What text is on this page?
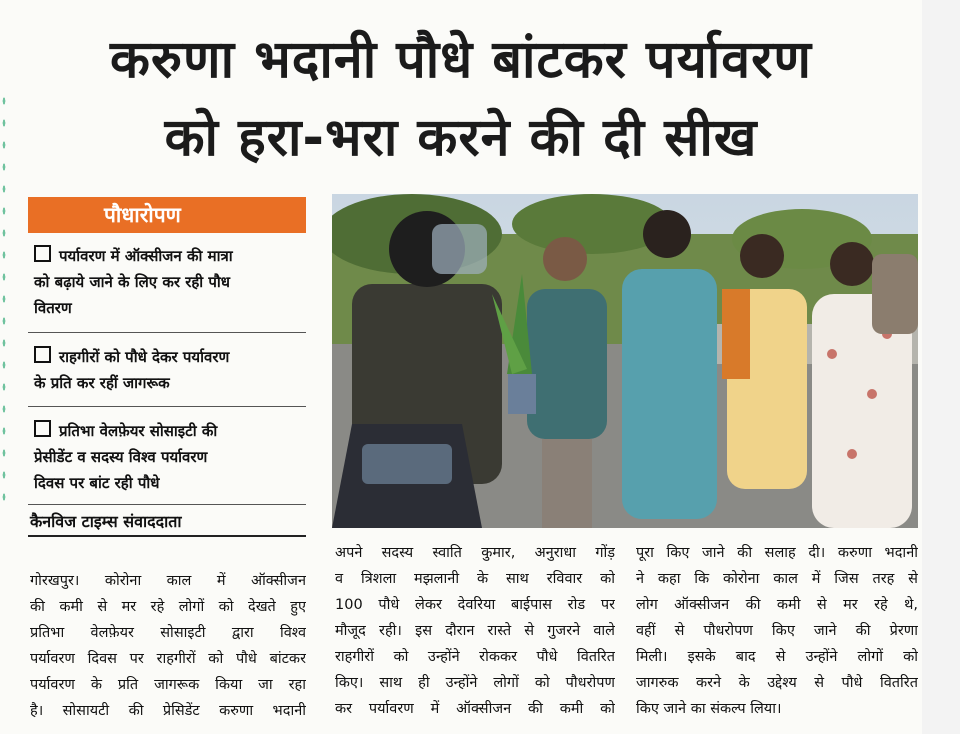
करुणा भदानी पौधे बांटकर पर्यावरण
को हरा-भरा करने की दी सीख
पौधारोपण
पर्यावरण में ऑक्सीजन की मात्रा
को बढ़ाये जाने के लिए कर रही पौध
वितरण
राहगीरों को पौधे देकर पर्यावरण
के प्रति कर रहीं जागरूक
प्रतिभा वेलफ़ेयर सोसाइटी की
प्रेसीडेंट व सदस्य विश्व पर्यावरण
दिवस पर बांट रही पौधे
कैनविज टाइम्स संवाददाता
गोरखपुर। कोरोना काल में ऑक्सीजन
की कमी से मर रहे लोगों को देखते हुए
प्रतिभा वेलफ़ेयर सोसाइटी द्वारा विश्व
पर्यावरण दिवस पर राहगीरों को पौधे बांटकर
पर्यावरण के प्रति जागरूक किया जा रहा
है। सोसायटी की प्रेसिडेंट करुणा भदानी
अपने सदस्य स्वाति कुमार, अनुराधा गोंड़
व त्रिशला मझलानी के साथ रविवार को
100 पौधे लेकर देवरिया बाईपास रोड पर
मौजूद रही। इस दौरान रास्ते से गुजरने वाले
राहगीरों को उन्होंने रोककर पौधे वितरित
किए। साथ ही उन्होंने लोगों को पौधरोपण
कर पर्यावरण में ऑक्सीजन की कमी को
पूरा किए जाने की सलाह दी। करुणा भदानी
ने कहा कि कोरोना काल में जिस तरह से
लोग ऑक्सीजन की कमी से मर रहे थे,
वहीं से पौधरोपण किए जाने की प्रेरणा
मिली। इसके बाद से उन्होंने लोगों को
जागरुक करने के उद्देश्य से पौधे वितरित
किए जाने का संकल्प लिया।
